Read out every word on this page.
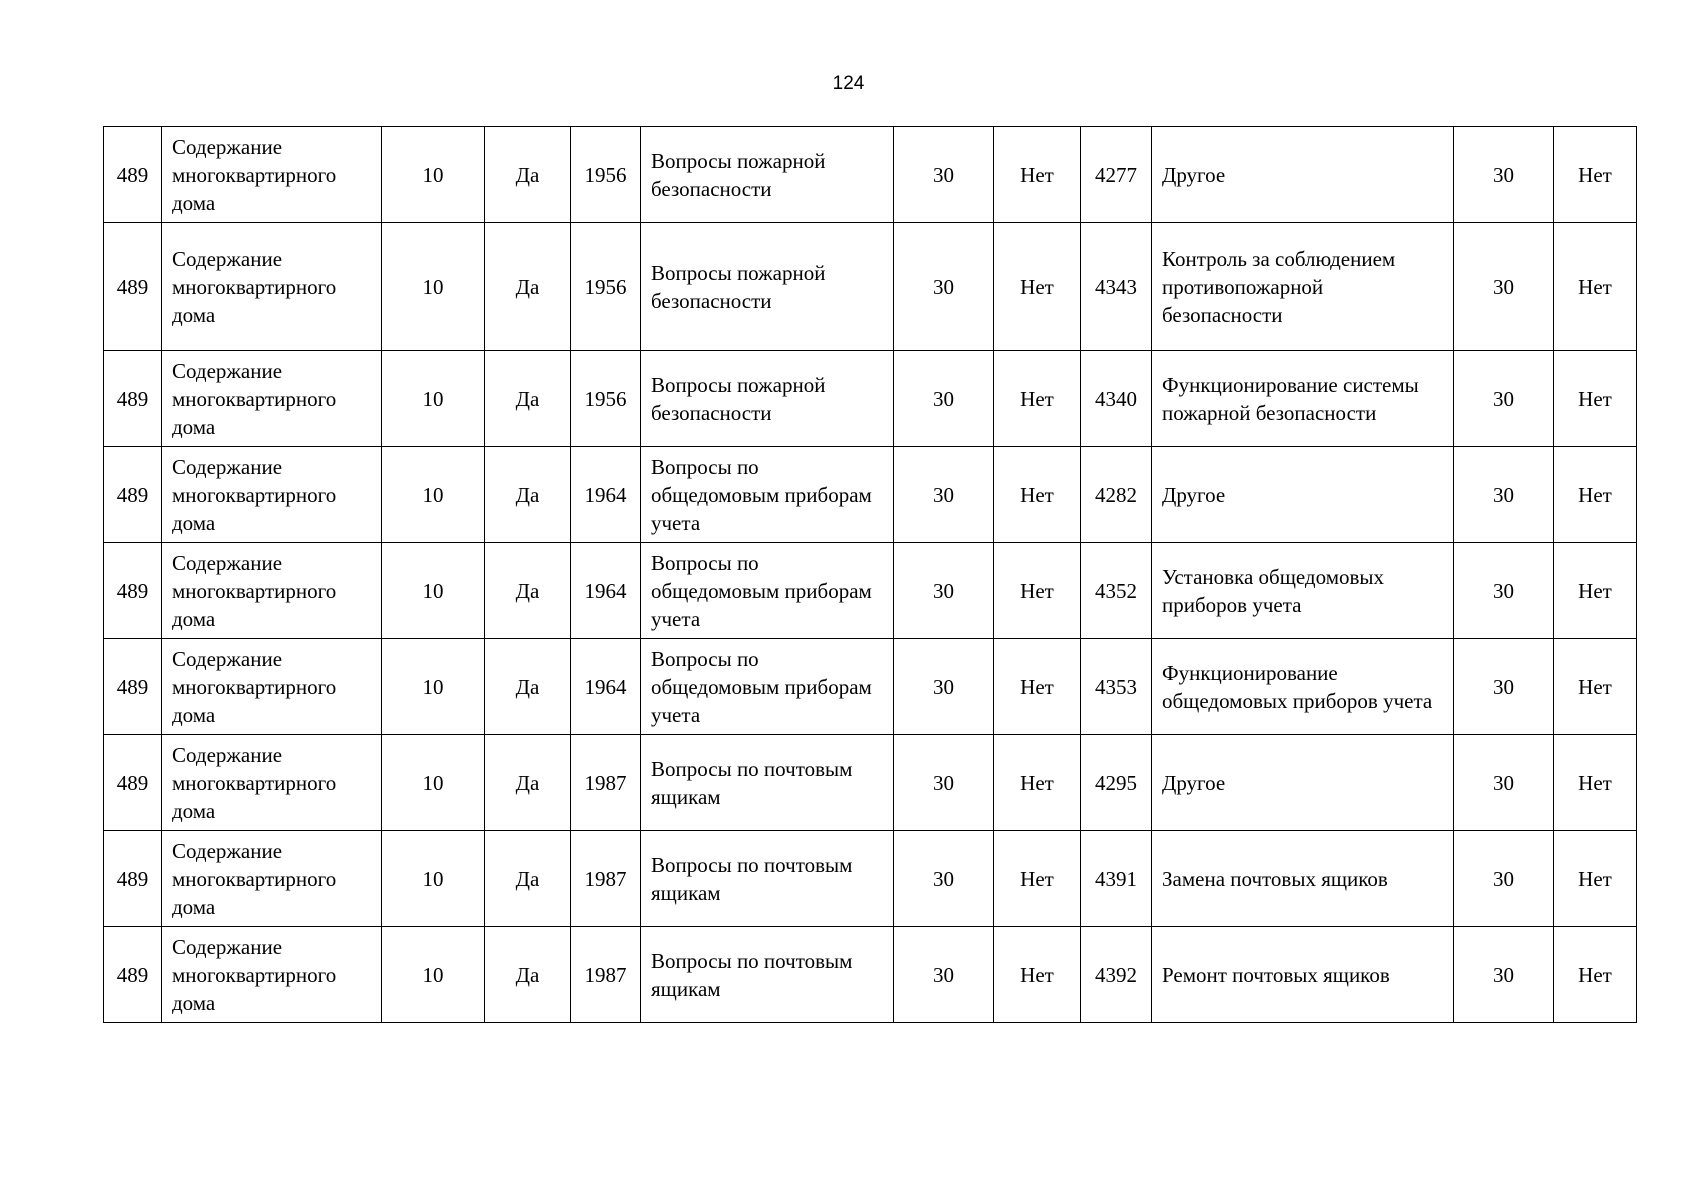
124
489	Содержание многоквартирного дома	10	Да	1956	Вопросы пожарной безопасности	30	Нет	4277	Другое	30	Нет
489	Содержание многоквартирного дома	10	Да	1956	Вопросы пожарной безопасности	30	Нет	4343	Контроль за соблюдением противопожарной безопасности	30	Нет
489	Содержание многоквартирного дома	10	Да	1956	Вопросы пожарной безопасности	30	Нет	4340	Функционирование системы пожарной безопасности	30	Нет
489	Содержание многоквартирного дома	10	Да	1964	Вопросы по общедомовым приборам учета	30	Нет	4282	Другое	30	Нет
489	Содержание многоквартирного дома	10	Да	1964	Вопросы по общедомовым приборам учета	30	Нет	4352	Установка общедомовых приборов учета	30	Нет
489	Содержание многоквартирного дома	10	Да	1964	Вопросы по общедомовым приборам учета	30	Нет	4353	Функционирование общедомовых приборов учета	30	Нет
489	Содержание многоквартирного дома	10	Да	1987	Вопросы по почтовым ящикам	30	Нет	4295	Другое	30	Нет
489	Содержание многоквартирного дома	10	Да	1987	Вопросы по почтовым ящикам	30	Нет	4391	Замена почтовых ящиков	30	Нет
489	Содержание многоквартирного дома	10	Да	1987	Вопросы по почтовым ящикам	30	Нет	4392	Ремонт почтовых ящиков	30	Нет
